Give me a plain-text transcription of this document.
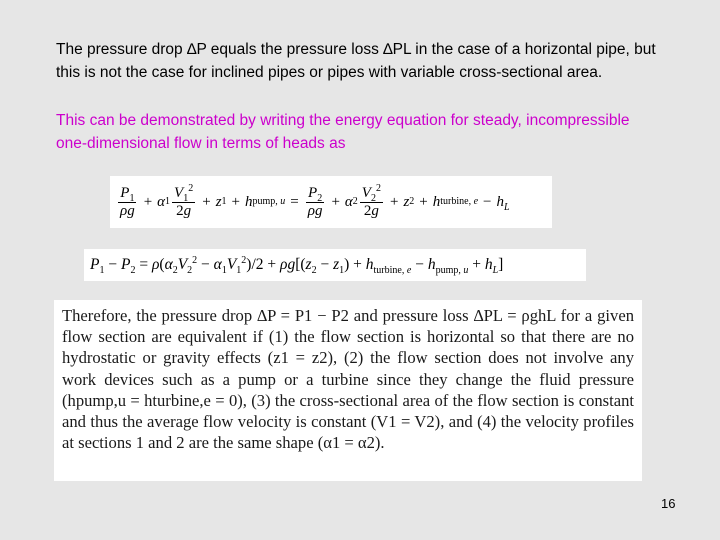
The pressure drop ∆P equals the pressure loss ∆PL in the case of a horizontal pipe, but this is not the case for inclined pipes or pipes with variable cross-sectional area.
This can be demonstrated by writing the energy equation for steady, incompressible one-dimensional flow in terms of heads as
$\frac{P_1}{\rho g} + \alpha$ $1 \frac{V_1^2}{2g} + z$ 1 + h pump, $u = \frac{P_2}{\rho g} + \alpha$ $2 \frac{V_2^2}{2g} + z$ 2 + h turbine, $e - h_L$
$P_1 - P_2 = \rho(\alpha_2V_2^2 - \alpha_1V_1^2)/2 + \rho g[(z_2 - z_1) + h_{turbine, e} - h_{pump, u} + h_L]$
Therefore, the pressure drop ∆P = P1 − P2 and pressure loss ∆PL = ρghL for a given flow section are equivalent if (1) the flow section is horizontal so that there are no hydrostatic or gravity effects (z1 = z2), (2) the flow section does not involve any work devices such as a pump or a turbine since they change the fluid pressure (hpump,u = hturbine,e = 0), (3) the cross-sectional area of the flow section is constant and thus the average flow velocity is constant (V1 = V2), and (4) the velocity profiles at sections 1 and 2 are the same shape (α1 = α2).
16
